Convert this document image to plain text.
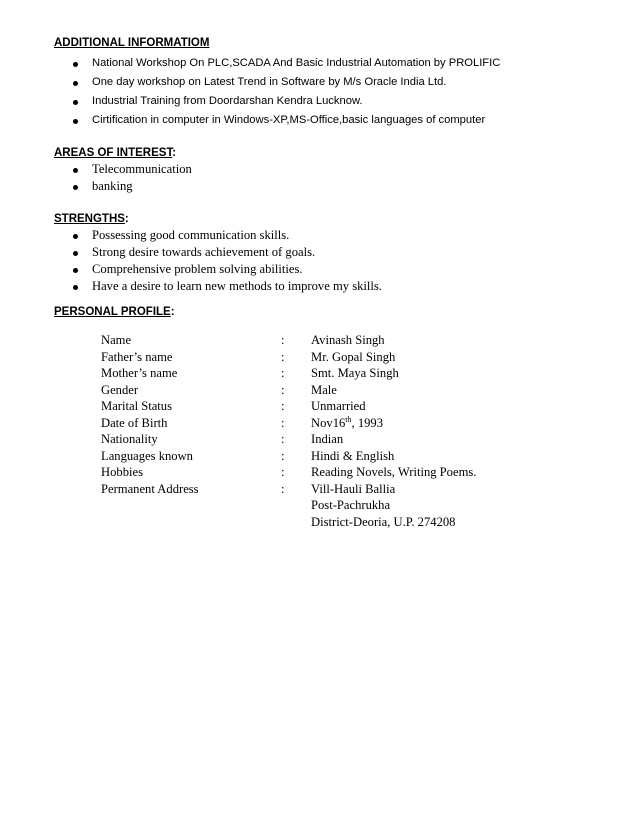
ADDITIONAL INFORMATIOM
National Workshop On PLC,SCADA And Basic Industrial Automation by PROLIFIC
One day workshop on Latest Trend in Software by M/s Oracle India Ltd.
Industrial Training from Doordarshan Kendra Lucknow.
Cirtification in computer in Windows-XP,MS-Office,basic languages of computer
AREAS OF INTEREST:
Telecommunication
banking
STRENGTHS:
Possessing good communication skills.
Strong desire towards achievement of goals.
Comprehensive problem solving abilities.
Have a desire to learn new methods to improve my skills.
PERSONAL PROFILE:
Name	:	Avinash Singh
Father’s name	:	Mr. Gopal Singh
Mother’s name	:	Smt. Maya Singh
Gender	:	Male
Marital Status	:	Unmarried
Date of Birth	:	Nov16th, 1993
Nationality	:	Indian
Languages known	:	Hindi & English
Hobbies	:	Reading Novels, Writing Poems.
Permanent Address	:	Vill-Hauli Ballia
		Post-Pachrukha
		District-Deoria, U.P. 274208
